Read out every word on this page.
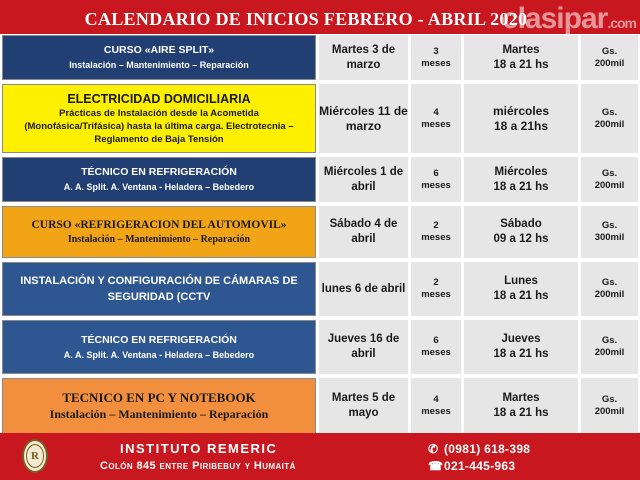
CALENDARIO DE INICIOS FEBRERO - ABRIL 2020
clasipar.com
CURSO «AIRE SPLIT»
Instalación – Mantenimiento – Reparación
Martes 3 de marzo
3
meses
Martes
18 a 21 hs
Gs.
200mil
ELECTRICIDAD DOMICILIARIA
Prácticas de Instalación desde la Acometida (Monofásica/Trifásica) hasta la última carga. Electrotecnia – Reglamento de Baja Tensión
Miércoles 11 de marzo
4
meses
miércoles
18 a 21hs
Gs.
200mil
TÉCNICO EN REFRIGERACIÓN
A. A. Split. A. Ventana - Heladera – Bebedero
Miércoles 1 de abril
6
meses
Miércoles
18 a 21 hs
Gs.
200mil
CURSO «REFRIGERACION DEL AUTOMOVIL»
Instalación – Mantenimiento – Reparación
Sábado 4 de abril
2
meses
Sábado
09 a 12 hs
Gs.
300mil
INSTALACIÓN Y CONFIGURACIÓN DE CÁMARAS DE SEGURIDAD (CCTV
lunes 6 de abril	2
meses
Lunes
18 a 21 hs
Gs.
200mil
TÉCNICO EN REFRIGERACIÓN
A. A. Split. A. Ventana - Heladera – Bebedero
Jueves 16 de abril
6
meses
Jueves
18 a 21 hs
Gs.
200mil
TECNICO EN PC Y NOTEBOOK
Instalación – Mantenimiento – Reparación
Martes 5 de mayo
4
meses
Martes
18 a 21 hs
Gs.
200mil
R	INSTITUTO REMERIC
Colón 845 entre Piribebuy y Humaitá
✆ (0981) 618-398
☎021-445-963
